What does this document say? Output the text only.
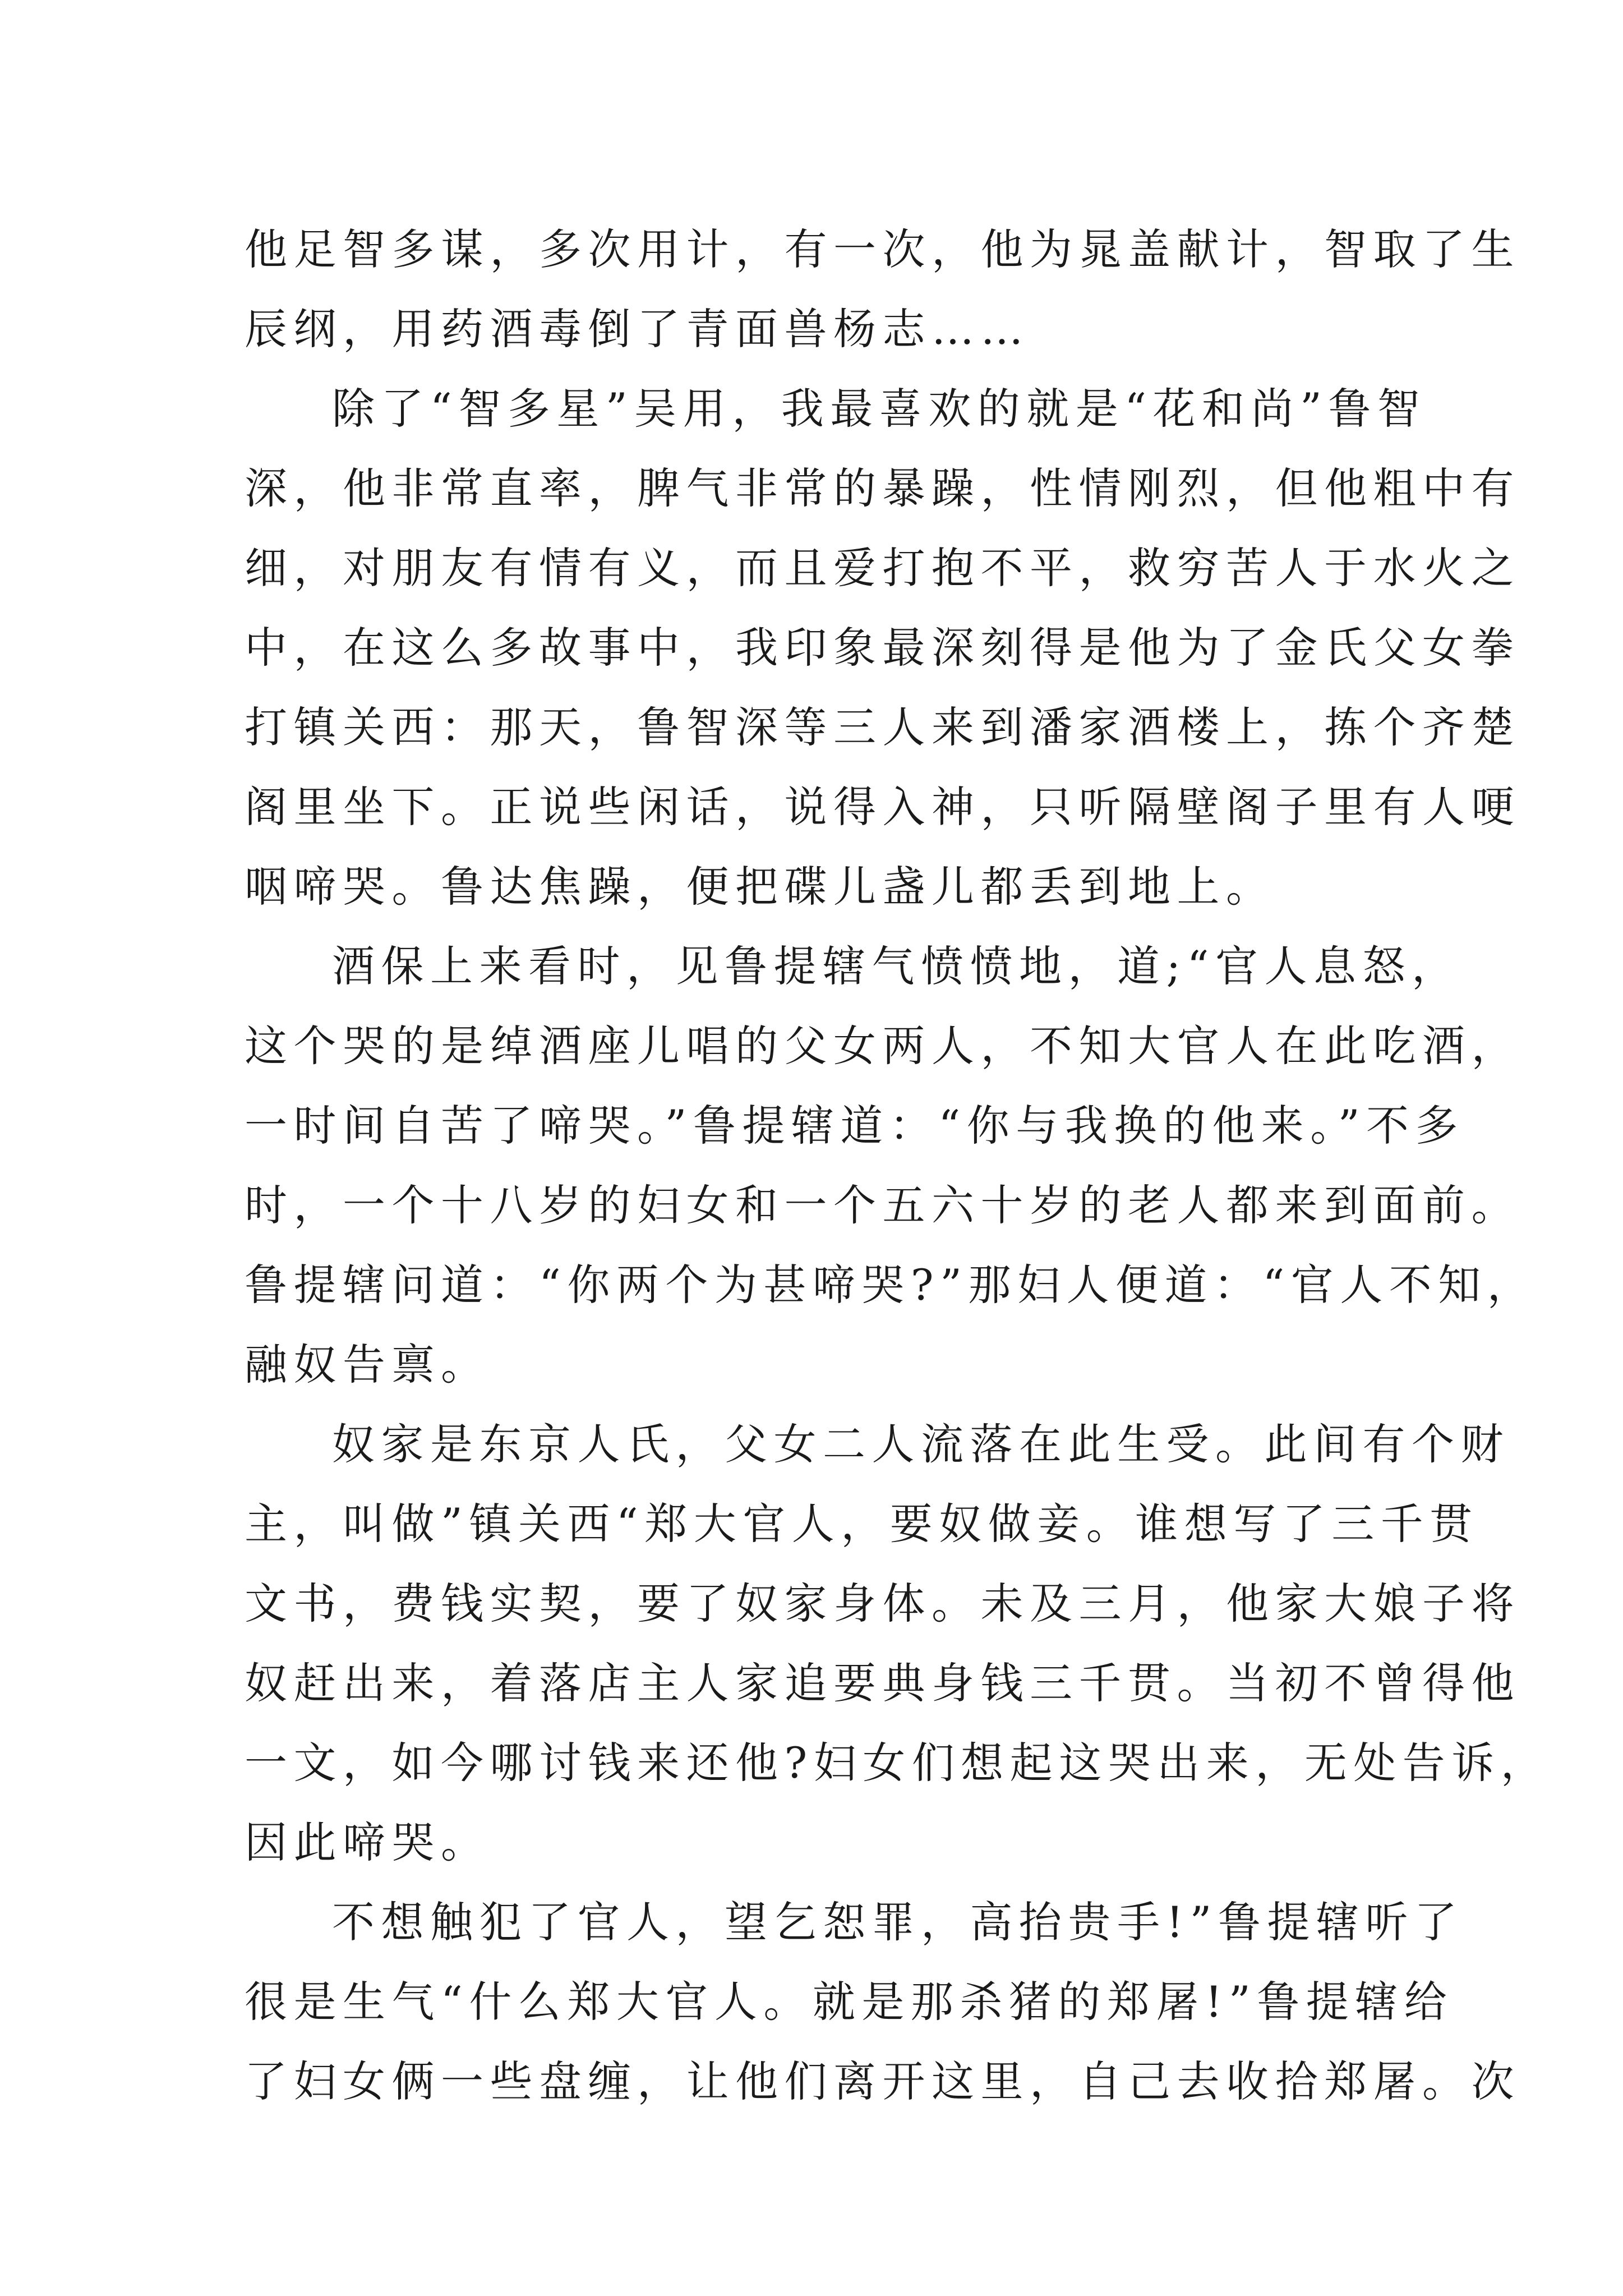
他足智多谋，多次用计，有一次，他为晁盖献计，智取了生
辰纲，用药酒毒倒了青面兽杨志……
除了“智多星”吴用，我最喜欢的就是“花和尚”鲁智
深，他非常直率，脾气非常的暴躁，性情刚烈，但他粗中有
细，对朋友有情有义，而且爱打抱不平，救穷苦人于水火之
中，在这么多故事中，我印象最深刻得是他为了金氏父女拳
打镇关西：那天，鲁智深等三人来到潘家酒楼上，拣个齐楚
阁里坐下。正说些闲话，说得入神，只听隔壁阁子里有人哽
咽啼哭。鲁达焦躁，便把碟儿盏儿都丢到地上。
酒保上来看时，见鲁提辖气愤愤地，道;“官人息怒，
这个哭的是绰酒座儿唱的父女两人，不知大官人在此吃酒，
一时间自苦了啼哭。”鲁提辖道：“你与我换的他来。”不多
时，一个十八岁的妇女和一个五六十岁的老人都来到面前。
鲁提辖问道：“你两个为甚啼哭?”那妇人便道：“官人不知，
融奴告禀。
奴家是东京人氏，父女二人流落在此生受。此间有个财
主，叫做”镇关西“郑大官人，要奴做妾。谁想写了三千贯
文书，费钱实契，要了奴家身体。未及三月，他家大娘子将
奴赶出来，着落店主人家追要典身钱三千贯。当初不曾得他
一文，如今哪讨钱来还他?妇女们想起这哭出来，无处告诉，
因此啼哭。
不想触犯了官人，望乞恕罪，高抬贵手!”鲁提辖听了
很是生气“什么郑大官人。就是那杀猪的郑屠!”鲁提辖给
了妇女俩一些盘缠，让他们离开这里，自己去收拾郑屠。次
